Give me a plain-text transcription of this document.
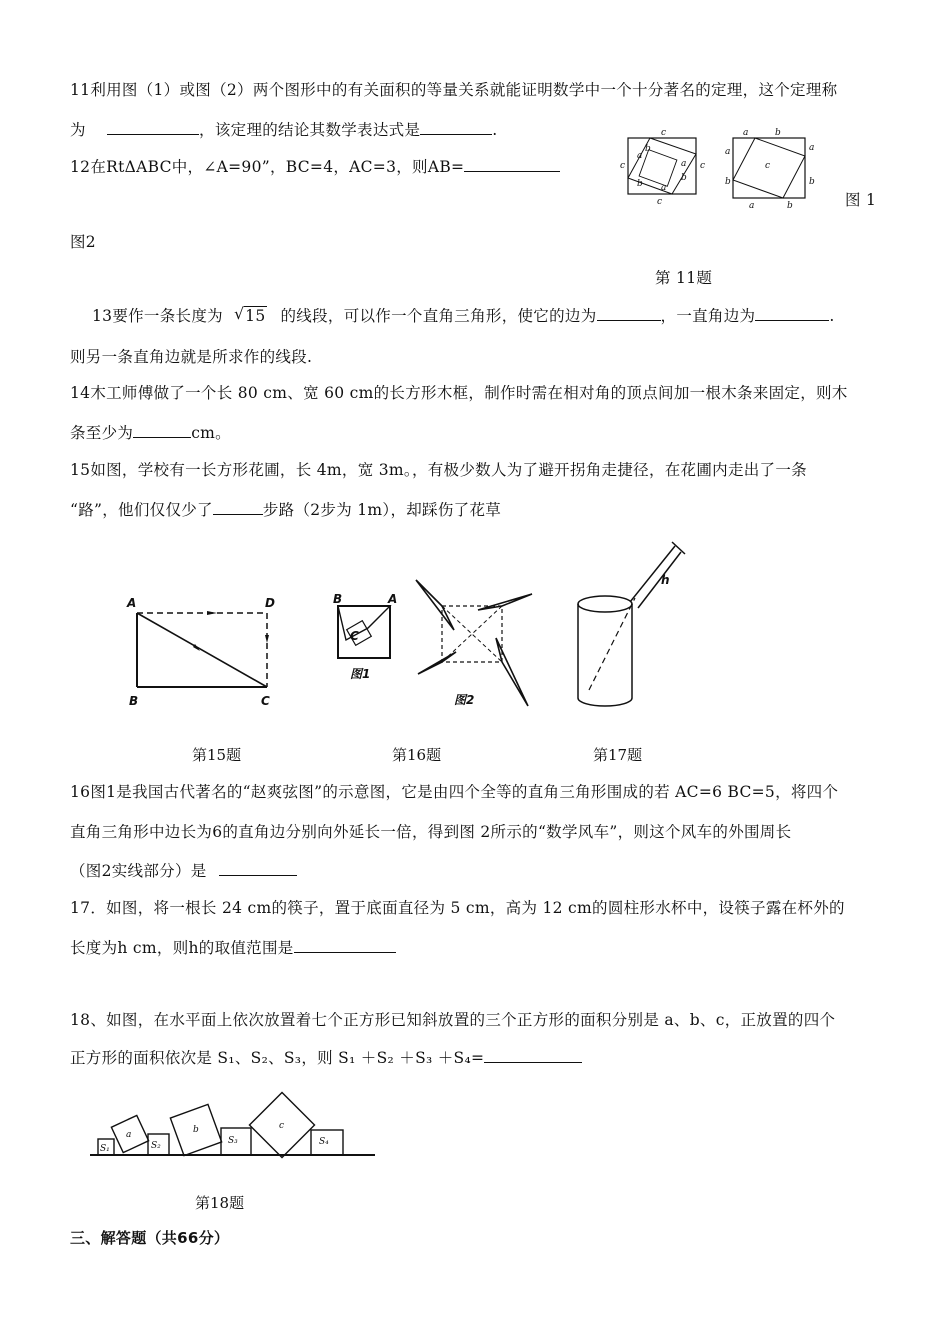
11利用图（1）或图（2）两个图形中的有关面积的等量关系就能证明数学中一个十分著名的定理，这个定理称
为	，该定理的结论其数学表达式是	.
12在RtΔABC中，∠A=90”，BC=4，AC=3，则AB=
c
c	c
c
a
b
a
b
b a
a	b
a
b
a
b
a	b
c
图 1
图2
第 11题
13要作一条长度为 √ 15 的线段，可以作一个直角三角形，使它的边为	，一直角边为	.
则另一条直角边就是所求作的线段.
14木工师傅做了一个长 80 cm、宽 60 cm的长方形木框，制作时需在相对角的顶点间加一根木条来固定，则木
条至少为	cm。
15如图，学校有一长方形花圃，长 4m，宽 3m。，有极少数人为了避开拐角走捷径，在花圃内走出了一条
“路”，他们仅仅少了	步路（2步为 1m），却踩伤了花草
A	D
B	C
B	A
C
图1
图2
h
第15题	第16题	第17题
16图1是我国古代著名的“赵爽弦图”的示意图，它是由四个全等的直角三角形围成的若 AC=6 BC=5，将四个
直角三角形中边长为6的直角边分别向外延长一倍，得到图 2所示的“数学风车”，则这个风车的外围周长
（图2实线部分）是
17．如图，将一根长 24 cm的筷子，置于底面直径为 5 cm，高为 12 cm的圆柱形水杯中，设筷子露在杯外的
长度为h cm，则h的取值范围是
18、如图，在水平面上依次放置着七个正方形已知斜放置的三个正方形的面积分别是 a、b、c，正放置的四个
正方形的面积依次是 S₁、S₂、S₃，则 S₁ ＋S₂ ＋S₃ ＋S₄=
S₁
a
S₂
b
S₃
c
S₄
第18题
三、解答题（共66分）
